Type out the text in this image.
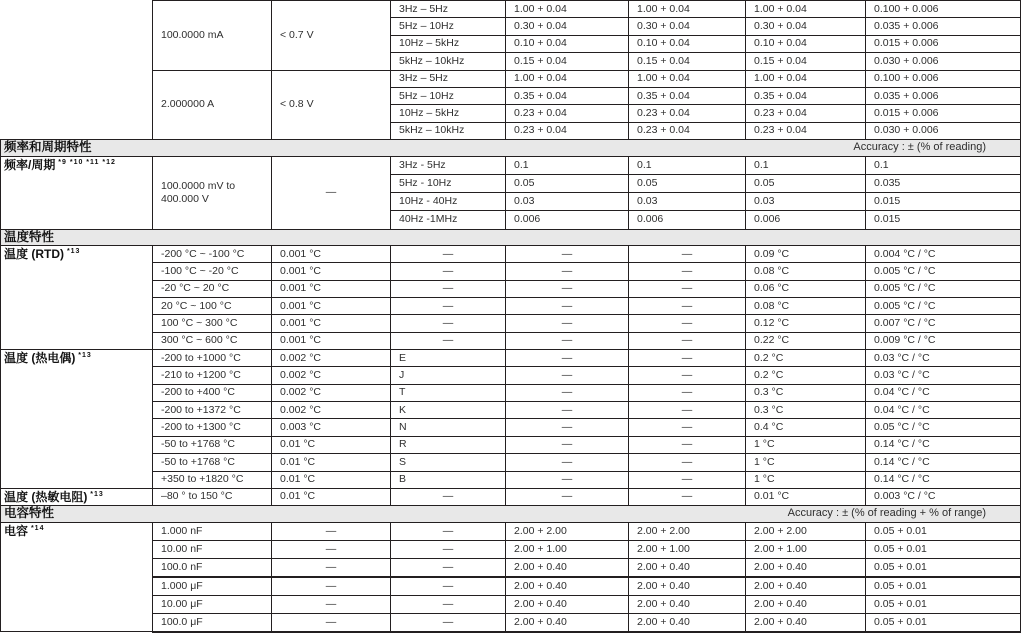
	100.0000 mA	< 0.7 V	3Hz – 5Hz	1.00 + 0.04	1.00 + 0.04	1.00 + 0.04	0.100 + 0.006
			5Hz – 10Hz	0.30 + 0.04	0.30 + 0.04	0.30 + 0.04	0.035 + 0.006
			10Hz – 5kHz	0.10 + 0.04	0.10 + 0.04	0.10 + 0.04	0.015 + 0.006
			5kHz – 10kHz	0.15 + 0.04	0.15 + 0.04	0.15 + 0.04	0.030 + 0.006
	2.000000 A	< 0.8 V	3Hz – 5Hz	1.00 + 0.04	1.00 + 0.04	1.00 + 0.04	0.100 + 0.006
			5Hz – 10Hz	0.35 + 0.04	0.35 + 0.04	0.35 + 0.04	0.035 + 0.006
			10Hz – 5kHz	0.23 + 0.04	0.23 + 0.04	0.23 + 0.04	0.015 + 0.006
			5kHz – 10kHz	0.23 + 0.04	0.23 + 0.04	0.23 + 0.04	0.030 + 0.006

频率和周期特性 Accuracy : ± (% of reading)							

频率/周期 $^{*9 *10 *11 *12}$	100.0000 mV to 400.000 V	—	3Hz - 5Hz	0.1	0.1	0.1	0.1
			5Hz - 10Hz	0.05	0.05	0.05	0.035
			10Hz - 40Hz	0.03	0.03	0.03	0.015
			40Hz -1MHz	0.006	0.006	0.006	0.015

温度特性							

温度 (RTD) $^{*13}$	-200 °C ~ -100 °C	0.001 °C	—	—	—	0.09 °C	0.004 °C / °C
	-100 °C ~ -20 °C	0.001 °C	—	—	—	0.08 °C	0.005 °C / °C
	-20 °C ~ 20 °C	0.001 °C	—	—	—	0.06 °C	0.005 °C / °C
	20 °C ~ 100 °C	0.001 °C	—	—	—	0.08 °C	0.005 °C / °C
	100 °C ~ 300 °C	0.001 °C	—	—	—	0.12 °C	0.007 °C / °C
	300 °C ~ 600 °C	0.001 °C	—	—	—	0.22 °C	0.009 °C / °C
温度 (热电偶) $^{*13}$	-200 to +1000 °C	0.002 °C	E	—	—	0.2 °C	0.03 °C / °C
	-210 to +1200 °C	0.002 °C	J	—	—	0.2 °C	0.03 °C / °C
	-200 to +400 °C	0.002 °C	T	—	—	0.3 °C	0.04 °C / °C
	-200 to +1372 °C	0.002 °C	K	—	—	0.3 °C	0.04 °C / °C
	-200 to +1300 °C	0.003 °C	N	—	—	0.4 °C	0.05 °C / °C
	-50 to +1768 °C	0.01 °C	R	—	—	1 °C	0.14 °C / °C
	-50 to +1768 °C	0.01 °C	S	—	—	1 °C	0.14 °C / °C
	+350 to +1820 °C	0.01 °C	B	—	—	1 °C	0.14 °C / °C
温度 (热敏电阻) $^{*13}$	–80 ° to 150 °C	0.01 °C	—	—	—	0.01 °C	0.003 °C / °C

电容特性 Accuracy : ± (% of reading + % of range)							

电容 $^{*14}$	1.000 nF	—	—	2.00 + 2.00	2.00 + 2.00	2.00 + 2.00	0.05 + 0.01
	10.00 nF	—	—	2.00 + 1.00	2.00 + 1.00	2.00 + 1.00	0.05 + 0.01
	100.0 nF	—	—	2.00 + 0.40	2.00 + 0.40	2.00 + 0.40	0.05 + 0.01
	1.000 μF	—	—	2.00 + 0.40	2.00 + 0.40	2.00 + 0.40	0.05 + 0.01
	10.00 μF	—	—	2.00 + 0.40	2.00 + 0.40	2.00 + 0.40	0.05 + 0.01
	100.0 μF	—	—	2.00 + 0.40	2.00 + 0.40	2.00 + 0.40	0.05 + 0.01
